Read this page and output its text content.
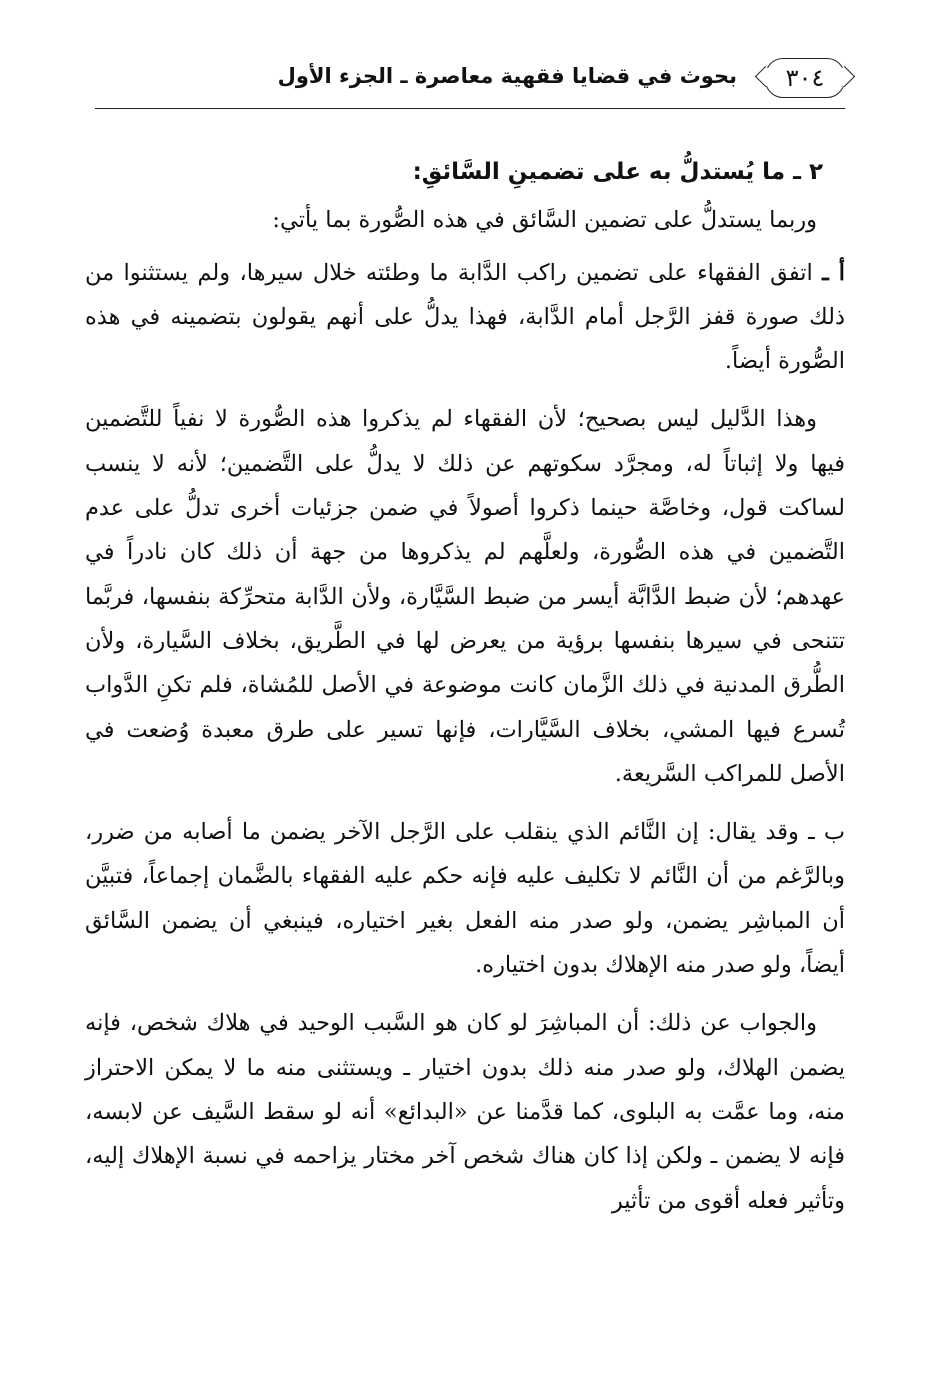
٣٠٤
بحوث في قضايا فقهية معاصرة ـ الجزء الأول

٢ ـ ما يُستدلُّ به على تضمينِ السَّائقِ:

وربما يستدلُّ على تضمين السَّائق في هذه الصُّورة بما يأتي:

أ ـ اتفق الفقهاء على تضمين راكب الدَّابة ما وطئته خلال سيرها، ولم يستثنوا من ذلك صورة قفز الرَّجل أمام الدَّابة، فهذا يدلُّ على أنهم يقولون بتضمينه في هذه الصُّورة أيضاً.

وهذا الدَّليل ليس بصحيح؛ لأن الفقهاء لم يذكروا هذه الصُّورة لا نفياً للتَّضمين فيها ولا إثباتاً له، ومجرَّد سكوتهم عن ذلك لا يدلُّ على التَّضمين؛ لأنه لا ينسب لساكت قول، وخاصَّة حينما ذكروا أصولاً في ضمن جزئيات أخرى تدلُّ على عدم التَّضمين في هذه الصُّورة، ولعلَّهم لم يذكروها من جهة أن ذلك كان نادراً في عهدهم؛ لأن ضبط الدَّابَّة أيسر من ضبط السَّيَّارة، ولأن الدَّابة متحرِّكة بنفسها، فربَّما تتنحى في سيرها بنفسها برؤية من يعرض لها في الطَّريق، بخلاف السَّيارة، ولأن الطُّرق المدنية في ذلك الزَّمان كانت موضوعة في الأصل للمُشاة، فلم تكنِ الدَّواب تُسرع فيها المشي، بخلاف السَّيَّارات، فإنها تسير على طرق معبدة وُضعت في الأصل للمراكب السَّريعة.

ب ـ وقد يقال: إن النَّائم الذي ينقلب على الرَّجل الآخر يضمن ما أصابه من ضرر، وبالرَّغم من أن النَّائم لا تكليف عليه فإنه حكم عليه الفقهاء بالضَّمان إجماعاً، فتبيَّن أن المباشِر يضمن، ولو صدر منه الفعل بغير اختياره، فينبغي أن يضمن السَّائق أيضاً، ولو صدر منه الإهلاك بدون اختياره.

والجواب عن ذلك: أن المباشِرَ لو كان هو السَّبب الوحيد في هلاك شخص، فإنه يضمن الهلاك، ولو صدر منه ذلك بدون اختيار ـ ويستثنى منه ما لا يمكن الاحتراز منه، وما عمَّت به البلوى، كما قدَّمنا عن «البدائع» أنه لو سقط السَّيف عن لابسه، فإنه لا يضمن ـ ولكن إذا كان هناك شخص آخر مختار يزاحمه في نسبة الإهلاك إليه، وتأثير فعله أقوى من تأثير
